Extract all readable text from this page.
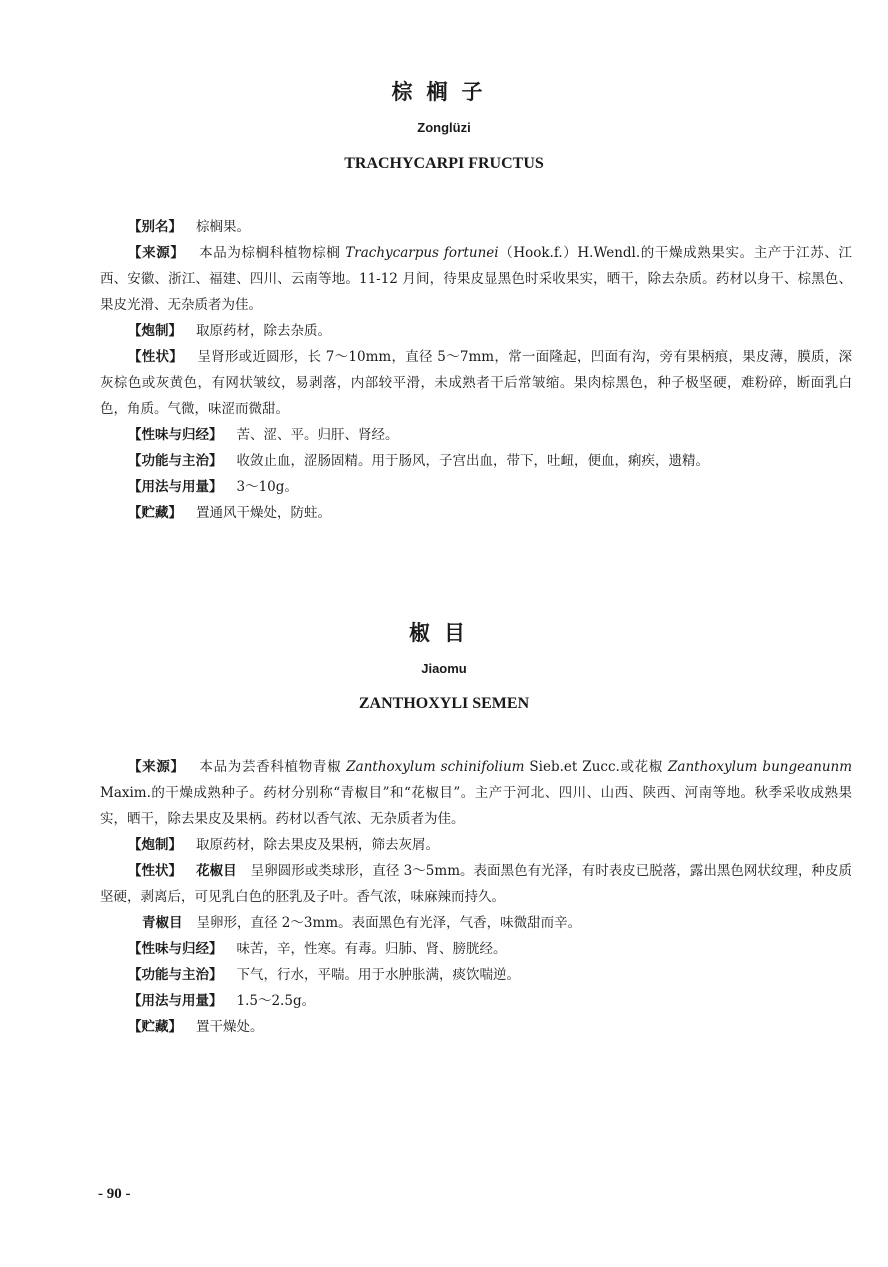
棕榈子

Zonglüzi

TRACHYCARPI FRUCTUS

【别名】 棕榈果。

【来源】 本品为棕榈科植物棕榈 Trachycarpus fortunei（Hook.f.）H.Wendl.的干燥成熟果实。主产于江苏、江西、安徽、浙江、福建、四川、云南等地。11-12 月间，待果皮显黑色时采收果实，晒干，除去杂质。药材以身干、棕黑色、果皮光滑、无杂质者为佳。

【炮制】 取原药材，除去杂质。

【性状】 呈肾形或近圆形，长 7～10mm，直径 5～7mm，常一面隆起，凹面有沟，旁有果柄痕，果皮薄，膜质，深灰棕色或灰黄色，有网状皱纹，易剥落，内部较平滑，未成熟者干后常皱缩。果肉棕黑色，种子极坚硬，难粉碎，断面乳白色，角质。气微，味涩而微甜。

【性味与归经】 苦、涩、平。归肝、肾经。

【功能与主治】 收敛止血，涩肠固精。用于肠风，子宫出血，带下，吐衄，便血，痢疾，遗精。

【用法与用量】 3～10g。

【贮藏】 置通风干燥处，防蛀。

椒目

Jiaomu

ZANTHOXYLI SEMEN

【来源】 本品为芸香科植物青椒 Zanthoxylum schinifolium Sieb.et Zucc.或花椒 Zanthoxylum bungeanunm Maxim.的干燥成熟种子。药材分别称“青椒目”和“花椒目”。主产于河北、四川、山西、陕西、河南等地。秋季采收成熟果实，晒干，除去果皮及果柄。药材以香气浓、无杂质者为佳。

【炮制】 取原药材，除去果皮及果柄，筛去灰屑。

【性状】 花椒目 呈卵圆形或类球形，直径 3～5mm。表面黑色有光泽，有时表皮已脱落，露出黑色网状纹理，种皮质坚硬，剥离后，可见乳白色的胚乳及子叶。香气浓，味麻辣而持久。

青椒目 呈卵形，直径 2～3mm。表面黑色有光泽，气香，味微甜而辛。

【性味与归经】 味苦，辛，性寒。有毒。归肺、肾、膀胱经。

【功能与主治】 下气，行水，平喘。用于水肿胀满，痰饮喘逆。

【用法与用量】 1.5～2.5g。

【贮藏】 置干燥处。

- 90 -
